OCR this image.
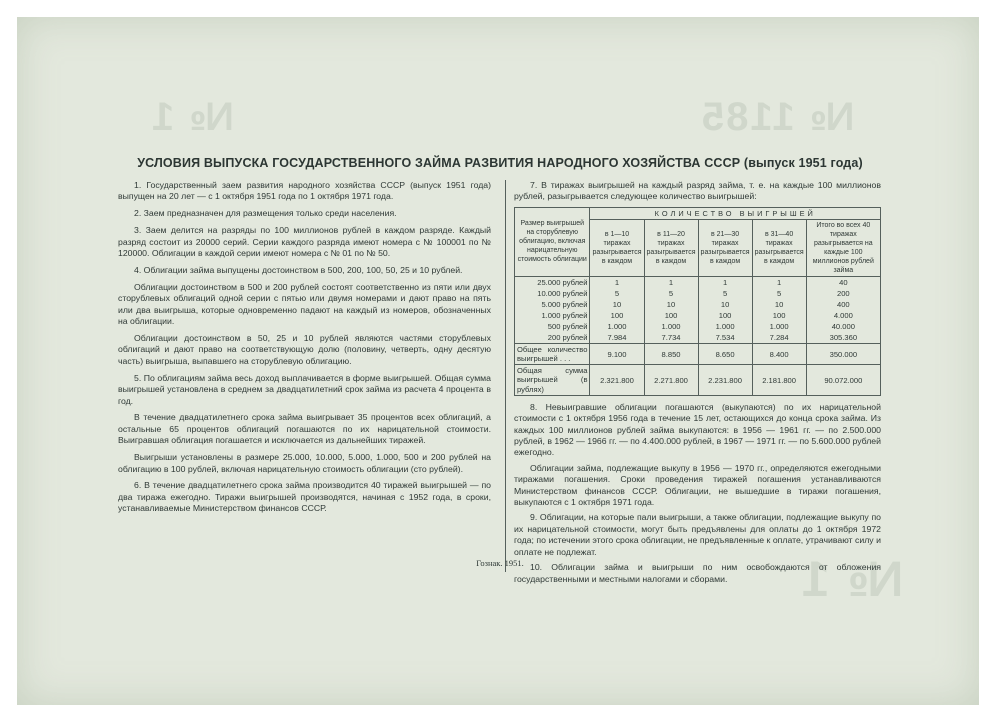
№ 1	№ 1185
№ 1
УСЛОВИЯ ВЫПУСКА ГОСУДАРСТВЕННОГО ЗАЙМА РАЗВИТИЯ НАРОДНОГО ХОЗЯЙСТВА СССР (выпуск 1951 года)

1. Государственный заем развития народного хозяйства СССР (выпуск 1951 года) выпущен на 20 лет — с 1 октября 1951 года по 1 октября 1971 года.

2. Заем предназначен для размещения только среди населения.

3. Заем делится на разряды по 100 миллионов рублей в каждом разряде. Каждый разряд состоит из 20000 серий. Серии каждого разряда имеют номера с № 100001 по № 120000. Облигации в каждой серии имеют номера с № 01 по № 50.

4. Облигации займа выпущены достоинством в 500, 200, 100, 50, 25 и 10 рублей.

Облигации достоинством в 500 и 200 рублей состоят соответственно из пяти или двух сторублевых облигаций одной серии с пятью или двумя номерами и дают право на пять или два выигрыша, которые одновременно падают на каждый из номеров, обозначенных на облигации.

Облигации достоинством в 50, 25 и 10 рублей являются частями сторублевых облигаций и дают право на соответствующую долю (половину, четверть, одну десятую часть) выигрыша, выпавшего на сторублевую облигацию.

5. По облигациям займа весь доход выплачивается в форме выигрышей. Общая сумма выигрышей установлена в среднем за двадцатилетний срок займа из расчета 4 процента в год.

В течение двадцатилетнего срока займа выигрывает 35 процентов всех облигаций, а остальные 65 процентов облигаций погашаются по их нарицательной стоимости. Выигравшая облигация погашается и исключается из дальнейших тиражей.

Выигрыши установлены в размере 25.000, 10.000, 5.000, 1.000, 500 и 200 рублей на облигацию в 100 рублей, включая нарицательную стоимость облигации (сто рублей).

6. В течение двадцатилетнего срока займа производится 40 тиражей выигрышей — по два тиража ежегодно. Тиражи выигрышей производятся, начиная с 1952 года, в сроки, устанавливаемые Министерством финансов СССР.

7. В тиражах выигрышей на каждый разряд займа, т. е. на каждые 100 миллионов рублей, разыгрывается следующее количество выигрышей:

Размер выигрышей на сторублевую облигацию, включая нарицательную стоимость облигации	КОЛИЧЕСТВО ВЫИГРЫШЕЙ				
	в 1—10 тиражах разыгрывается в каждом	в 11—20 тиражах разыгрывается в каждом	в 21—30 тиражах разыгрывается в каждом	в 31—40 тиражах разыгрывается в каждом	Итого во всех 40 тиражах разыгрывается на каждые 100 миллионов рублей займа
25.000 рублей	1	1	1	1	40
10.000 рублей	5	5	5	5	200
5.000 рублей	10	10	10	10	400
1.000 рублей	100	100	100	100	4.000
500 рублей	1.000	1.000	1.000	1.000	40.000
200 рублей	7.984	7.734	7.534	7.284	305.360
Общее количество выигрышей . . .	9.100	8.850	8.650	8.400	350.000
Общая сумма выигрышей (в рублях)	2.321.800	2.271.800	2.231.800	2.181.800	90.072.000

8. Невыигравшие облигации погашаются (выкупаются) по их нарицательной стоимости с 1 октября 1956 года в течение 15 лет, остающихся до конца срока займа. Из каждых 100 миллионов рублей займа выкупаются: в 1956 — 1961 гг. — по 2.500.000 рублей, в 1962 — 1966 гг. — по 4.400.000 рублей, в 1967 — 1971 гг. — по 5.600.000 рублей ежегодно.

Облигации займа, подлежащие выкупу в 1956 — 1970 гг., определяются ежегодными тиражами погашения. Сроки проведения тиражей погашения устанавливаются Министерством финансов СССР. Облигации, не вышедшие в тиражи погашения, выкупаются с 1 октября 1971 года.

9. Облигации, на которые пали выигрыши, а также облигации, подлежащие выкупу по их нарицательной стоимости, могут быть предъявлены для оплаты до 1 октября 1972 года; по истечении этого срока облигации, не предъявленные к оплате, утрачивают силу и оплате не подлежат.

10. Облигации займа и выигрыши по ним освобождаются от обложения государственными и местными налогами и сборами.

Гознак. 1951.
